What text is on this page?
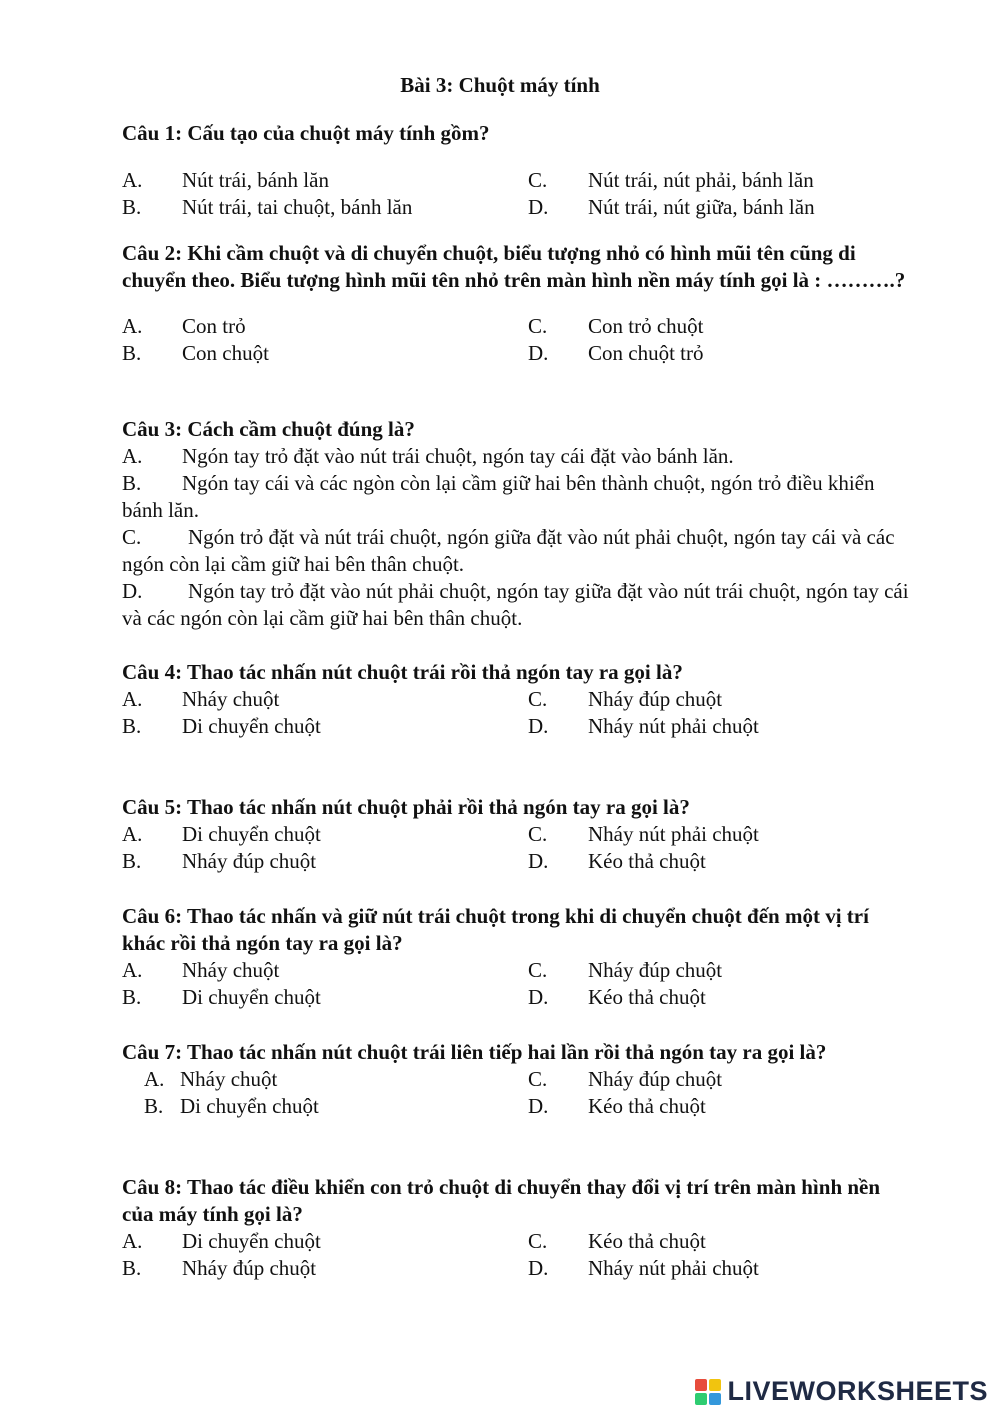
Bài 3: Chuột máy tính

Câu 1: Cấu tạo của chuột máy tính gồm?

A. Nút trái, bánh lăn
B. Nút trái, tai chuột, bánh lăn
C. Nút trái, nút phải, bánh lăn
D. Nút trái, nút giữa, bánh lăn

Câu 2: Khi cầm chuột và di chuyển chuột, biểu tượng nhỏ có hình mũi tên cũng di chuyển theo. Biểu tượng hình mũi tên nhỏ trên màn hình nền máy tính gọi là : ……….?

A. Con trỏ
B. Con chuột
C. Con trỏ chuột
D. Con chuột trỏ

Câu 3: Cách cầm chuột đúng là?

A. Ngón tay trỏ đặt vào nút trái chuột, ngón tay cái đặt vào bánh lăn.

B. Ngón tay cái và các ngòn còn lại cầm giữ hai bên thành chuột, ngón trỏ điều khiển bánh lăn.

C. Ngón trỏ đặt và nút trái chuột, ngón giữa đặt vào nút phải chuột, ngón tay cái và các ngón còn lại cầm giữ hai bên thân chuột.

D. Ngón tay trỏ đặt vào nút phải chuột, ngón tay giữa đặt vào nút trái chuột, ngón tay cái và các ngón còn lại cầm giữ hai bên thân chuột.

Câu 4: Thao tác nhấn nút chuột trái rồi thả ngón tay ra gọi là?

A. Nháy chuột
B. Di chuyển chuột
C. Nháy đúp chuột
D. Nháy nút phải chuột

Câu 5: Thao tác nhấn nút chuột phải rồi thả ngón tay ra gọi là?

A. Di chuyển chuột
B. Nháy đúp chuột
C. Nháy nút phải chuột
D. Kéo thả chuột

Câu 6: Thao tác nhấn và giữ nút trái chuột trong khi di chuyển chuột đến một vị trí khác rồi thả ngón tay ra gọi là?

A. Nháy chuột
B. Di chuyển chuột
C. Nháy đúp chuột
D. Kéo thả chuột

Câu 7: Thao tác nhấn nút chuột trái liên tiếp hai lần rồi thả ngón tay ra gọi là?

A. Nháy chuột
B. Di chuyển chuột
C. Nháy đúp chuột
D. Kéo thả chuột

Câu 8: Thao tác điều khiển con trỏ chuột di chuyển thay đổi vị trí trên màn hình nền của máy tính gọi là?

A. Di chuyển chuột
B. Nháy đúp chuột
C. Kéo thả chuột
D. Nháy nút phải chuột
LIVEWORKSHEETS
